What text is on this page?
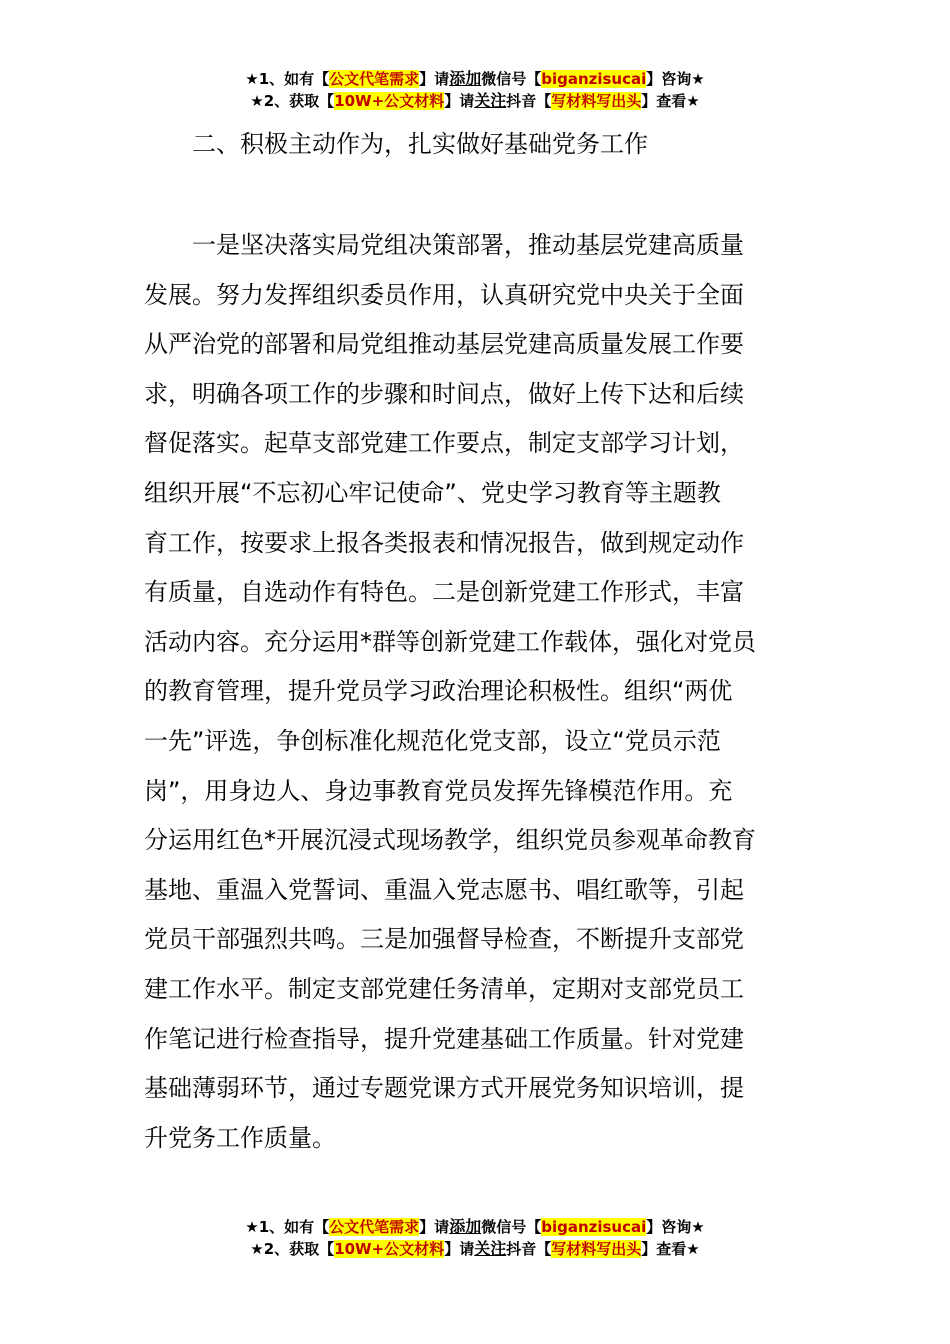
★1、如有【公文代笔需求】请添加微信号【biganzisucai】咨询★
★2、获取【10W+公文材料】请关注抖音【写材料写出头】查看★
二、积极主动作为，扎实做好基础党务工作
　　一是坚决落实局党组决策部署，推动基层党建高质量
发展。努力发挥组织委员作用，认真研究党中央关于全面
从严治党的部署和局党组推动基层党建高质量发展工作要
求，明确各项工作的步骤和时间点，做好上传下达和后续
督促落实。起草支部党建工作要点，制定支部学习计划，
组织开展“不忘初心牢记使命”、党史学习教育等主题教
育工作，按要求上报各类报表和情况报告，做到规定动作
有质量，自选动作有特色。二是创新党建工作形式，丰富
活动内容。充分运用*群等创新党建工作载体，强化对党员
的教育管理，提升党员学习政治理论积极性。组织“两优
一先”评选，争创标准化规范化党支部，设立“党员示范
岗”，用身边人、身边事教育党员发挥先锋模范作用。充
分运用红色*开展沉浸式现场教学，组织党员参观革命教育
基地、重温入党誓词、重温入党志愿书、唱红歌等，引起
党员干部强烈共鸣。三是加强督导检查，不断提升支部党
建工作水平。制定支部党建任务清单，定期对支部党员工
作笔记进行检查指导，提升党建基础工作质量。针对党建
基础薄弱环节，通过专题党课方式开展党务知识培训，提
升党务工作质量。
★1、如有【公文代笔需求】请添加微信号【biganzisucai】咨询★
★2、获取【10W+公文材料】请关注抖音【写材料写出头】查看★
